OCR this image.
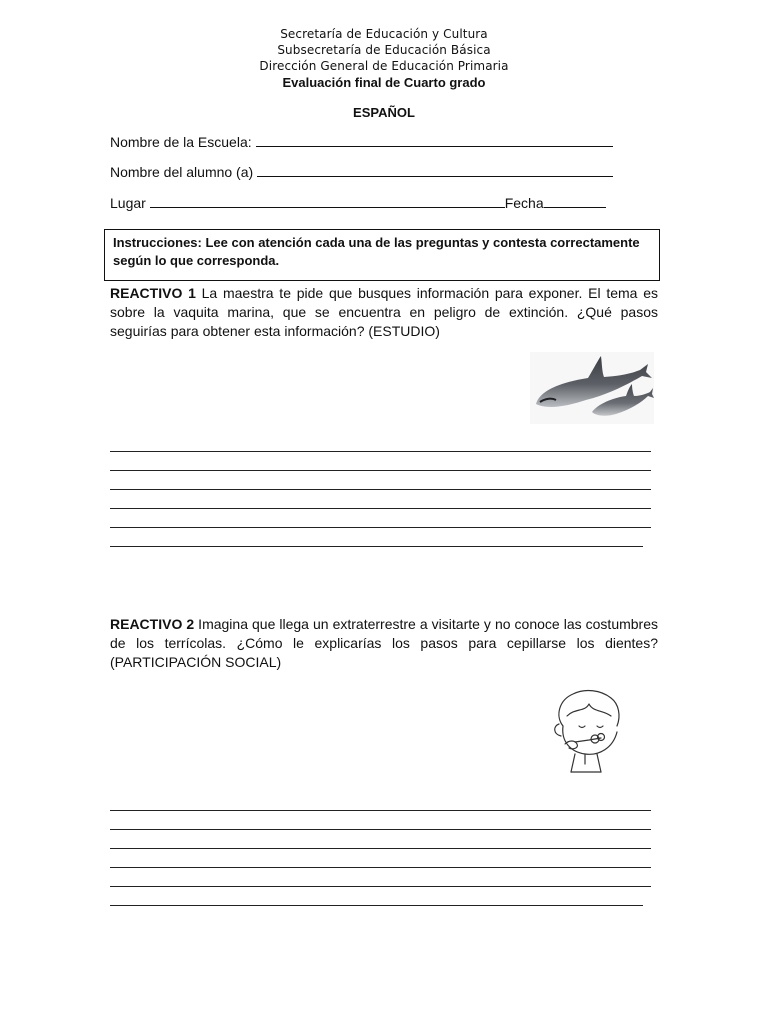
Secretaría de Educación y Cultura
Subsecretaría de Educación Básica
Dirección General de Educación Primaria
Evaluación final de Cuarto grado
ESPAÑOL
Nombre de la Escuela:
Nombre del alumno (a)
Lugar	Fecha
Instrucciones: Lee con atención cada una de las preguntas y contesta correctamente según lo que corresponda.
REACTIVO 1 La maestra te pide que busques información para exponer. El tema es sobre la vaquita marina, que se encuentra en peligro de extinción. ¿Qué pasos seguirías para obtener esta información? (ESTUDIO)
REACTIVO 2 Imagina que llega un extraterrestre a visitarte y no conoce las costumbres de los terrícolas. ¿Cómo le explicarías los pasos para cepillarse los dientes? (PARTICIPACIÓN SOCIAL)
